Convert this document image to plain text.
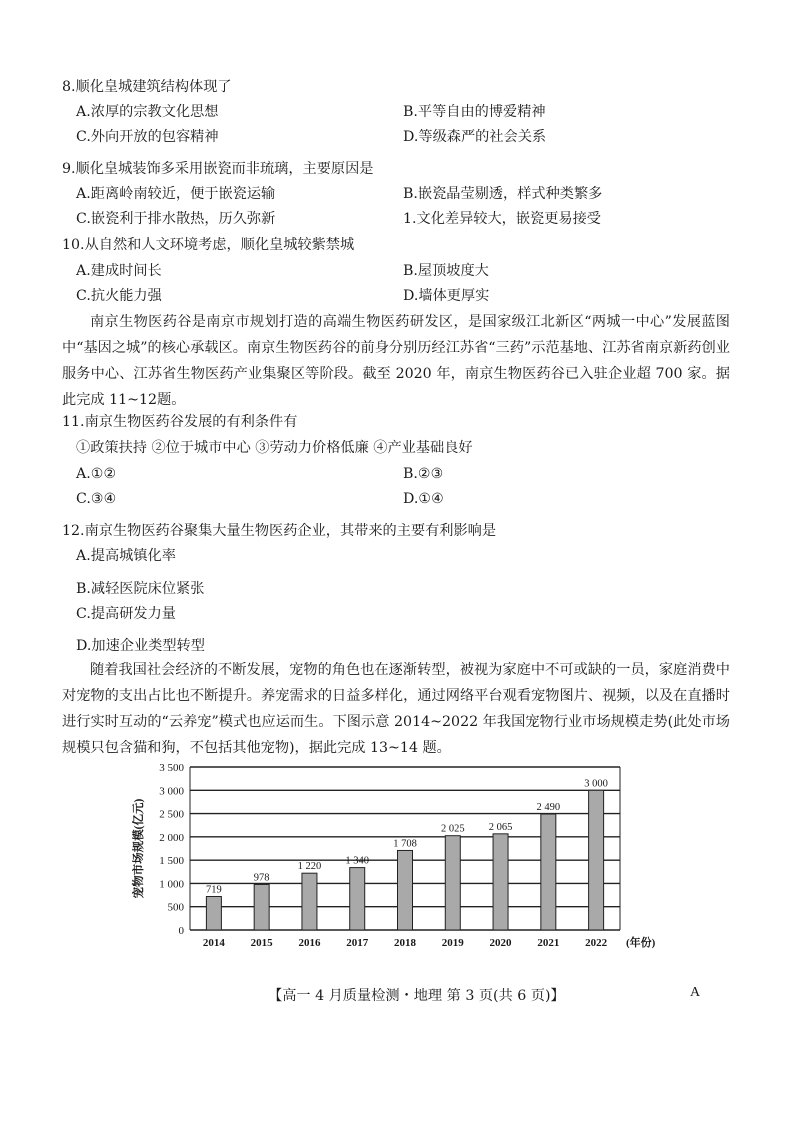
8.顺化皇城建筑结构体现了
A.浓厚的宗教文化思想	B.平等自由的博爱精神
C.外向开放的包容精神	D.等级森严的社会关系
9.顺化皇城装饰多采用嵌瓷而非琉璃，主要原因是
A.距离岭南较近，便于嵌瓷运输	B.嵌瓷晶莹剔透，样式种类繁多
C.嵌瓷利于排水散热，历久弥新	1.文化差异较大，嵌瓷更易接受
10.从自然和人文环境考虑，顺化皇城较紫禁城
A.建成时间长	B.屋顶坡度大
C.抗火能力强	D.墙体更厚实
南京生物医药谷是南京市规划打造的高端生物医药研发区，是国家级江北新区“两城一中心”发展蓝图中“基因之城”的核心承载区。南京生物医药谷的前身分别历经江苏省“三药”示范基地、江苏省南京新药创业服务中心、江苏省生物医药产业集聚区等阶段。截至 2020 年，南京生物医药谷已入驻企业超 700 家。据此完成 11~12题。
11.南京生物医药谷发展的有利条件有
①政策扶持 ②位于城市中心 ③劳动力价格低廉 ④产业基础良好
A.①②	B.②③
C.③④	D.①④
12.南京生物医药谷聚集大量生物医药企业，其带来的主要有利影响是
A.提高城镇化率
B.减轻医院床位紧张
C.提高研发力量
D.加速企业类型转型
随着我国社会经济的不断发展，宠物的角色也在逐渐转型，被视为家庭中不可或缺的一员，家庭消费中对宠物的支出占比也不断提升。养宠需求的日益多样化，通过网络平台观看宠物图片、视频，以及在直播时进行实时互动的“云养宠”模式也应运而生。下图示意 2014~2022 年我国宠物行业市场规模走势(此处市场规模只包含猫和狗，不包括其他宠物)，据此完成 13~14 题。
0
500
1 000
1 500
2 000
2 500
3 000
3 500
719
2014
978
2015
1 220
2016
1 340
2017
1 708
2018
2 025
2019
2 065
2020
2 490
2021
3 000
2022 (年份)
宠物市场规模(亿元)
【高一 4 月质量检测・地理 第 3 页(共 6 页)】	A
